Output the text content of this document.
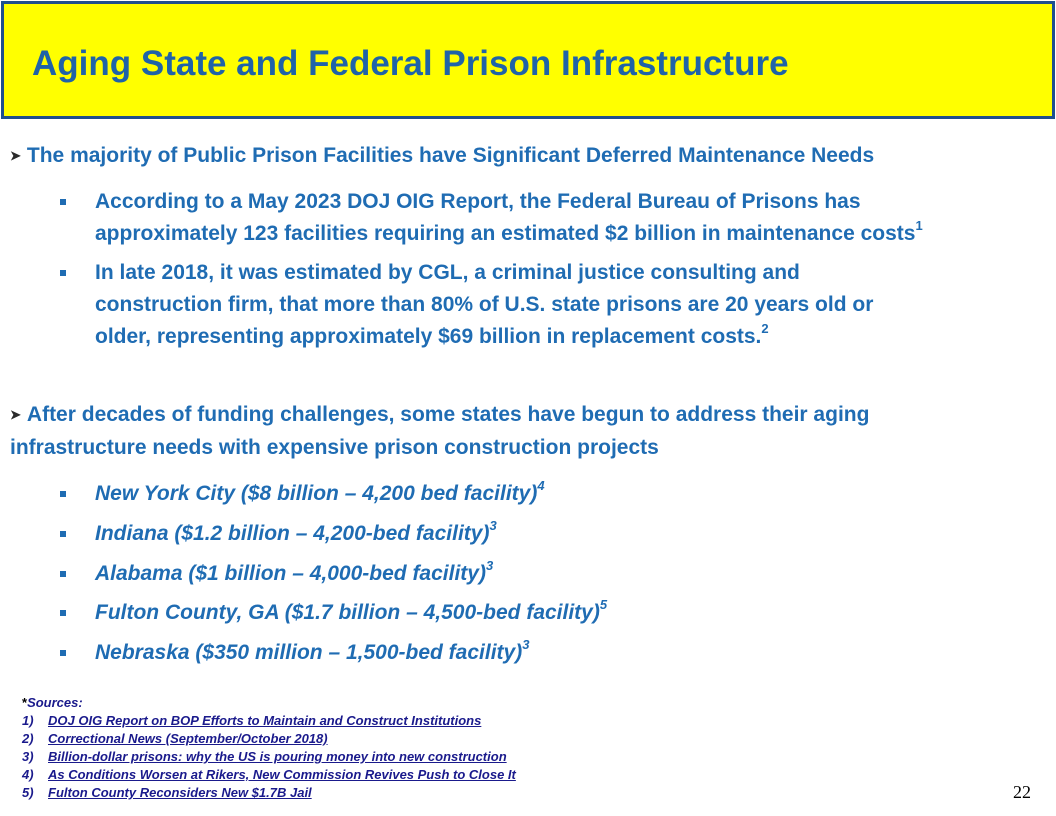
Aging State and Federal Prison Infrastructure
➤ The majority of Public Prison Facilities have Significant Deferred Maintenance Needs
According to a May 2023 DOJ OIG Report, the Federal Bureau of Prisons has
approximately 123 facilities requiring an estimated $2 billion in maintenance costs$^1$
In late 2018, it was estimated by CGL, a criminal justice consulting and
construction firm, that more than 80% of U.S. state prisons are 20 years old or
older, representing approximately $69 billion in replacement costs.$^2$
➤ After decades of funding challenges, some states have begun to address their aging
infrastructure needs with expensive prison construction projects
New York City ($8 billion – 4,200 bed facility)$^4$
Indiana ($1.2 billion – 4,200-bed facility)$^3$
Alabama ($1 billion – 4,000-bed facility)$^3$
Fulton County, GA ($1.7 billion – 4,500-bed facility)$^5$
Nebraska ($350 million – 1,500-bed facility)$^3$
*Sources:
1) DOJ OIG Report on BOP Efforts to Maintain and Construct Institutions
2) Correctional News (September/October 2018)
3) Billion-dollar prisons: why the US is pouring money into new construction
4) As Conditions Worsen at Rikers, New Commission Revives Push to Close It
5) Fulton County Reconsiders New $1.7B Jail	22
